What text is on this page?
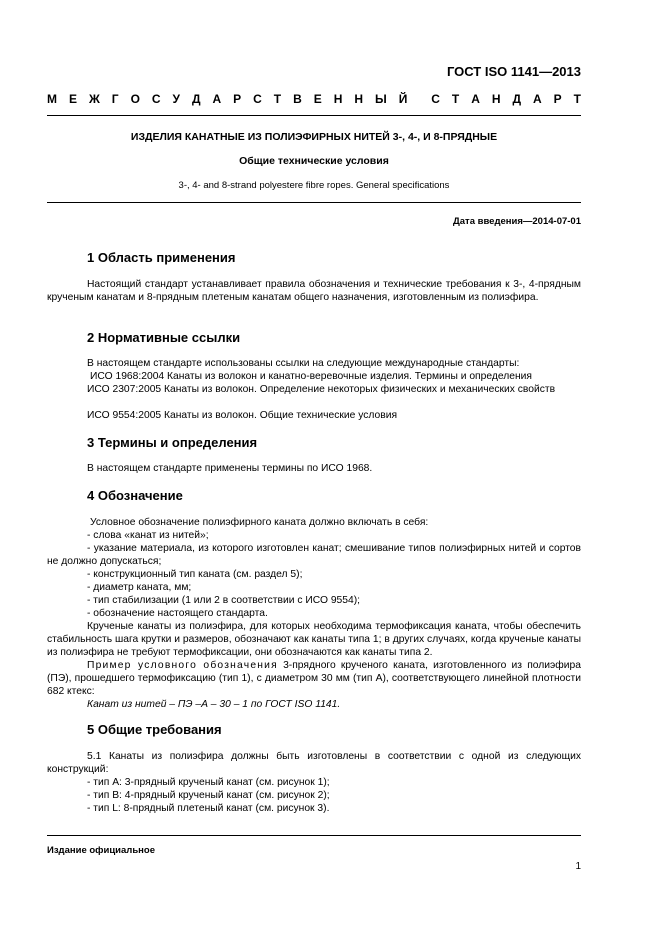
ГОСТ ISO 1141—2013
М Е Ж Г О С У Д А Р С Т В Е Н Н Ы Й С Т А Н Д А Р Т
ИЗДЕЛИЯ КАНАТНЫЕ ИЗ ПОЛИЭФИРНЫХ НИТЕЙ 3-, 4-, И 8-ПРЯДНЫЕ
Общие технические условия
3-, 4- and 8-strand polyestere fibre ropes. General specifications
Дата введения—2014-07-01
1 Область применения
Настоящий стандарт устанавливает правила обозначения и технические требования к 3-, 4-прядным крученым канатам и 8-прядным плетеным канатам общего назначения, изготовленным из полиэфира.
2 Нормативные ссылки
В настоящем стандарте использованы ссылки на следующие международные стандарты:
ИСО 1968:2004 Канаты из волокон и канатно-веревочные изделия. Термины и определения
ИСО 2307:2005 Канаты из волокон. Определение некоторых физических и механических свойств
ИСО 9554:2005 Канаты из волокон. Общие технические условия
3 Термины и определения
В настоящем стандарте применены термины по ИСО 1968.
4 Обозначение
Условное обозначение полиэфирного каната должно включать в себя:
- слова «канат из нитей»;
- указание материала, из которого изготовлен канат; смешивание типов полиэфирных нитей и сортов не должно допускаться;
- конструкционный тип каната (см. раздел 5);
- диаметр каната, мм;
- тип стабилизации (1 или 2 в соответствии с ИСО 9554);
- обозначение настоящего стандарта.
Крученые канаты из полиэфира, для которых необходима термофиксация каната, чтобы обеспечить стабильность шага крутки и размеров, обозначают как канаты типа 1; в других случаях, когда крученые канаты из полиэфира не требуют термофиксации, они обозначаются как канаты типа 2.
Пример условного обозначения 3-прядного крученого каната, изготовленного из полиэфира (ПЭ), прошедшего термофиксацию (тип 1), с диаметром 30 мм (тип А), соответствующего линейной плотности 682 ктекс:
Канат из нитей – ПЭ –А – 30 – 1 по ГОСТ ISO 1141.
5 Общие требования
5.1 Канаты из полиэфира должны быть изготовлены в соответствии с одной из следующих конструкций:
- тип А: 3-прядный крученый канат (см. рисунок 1);
- тип В: 4-прядный крученый канат (см. рисунок 2);
- тип L: 8-прядный плетеный канат (см. рисунок 3).
Издание официальное
1
